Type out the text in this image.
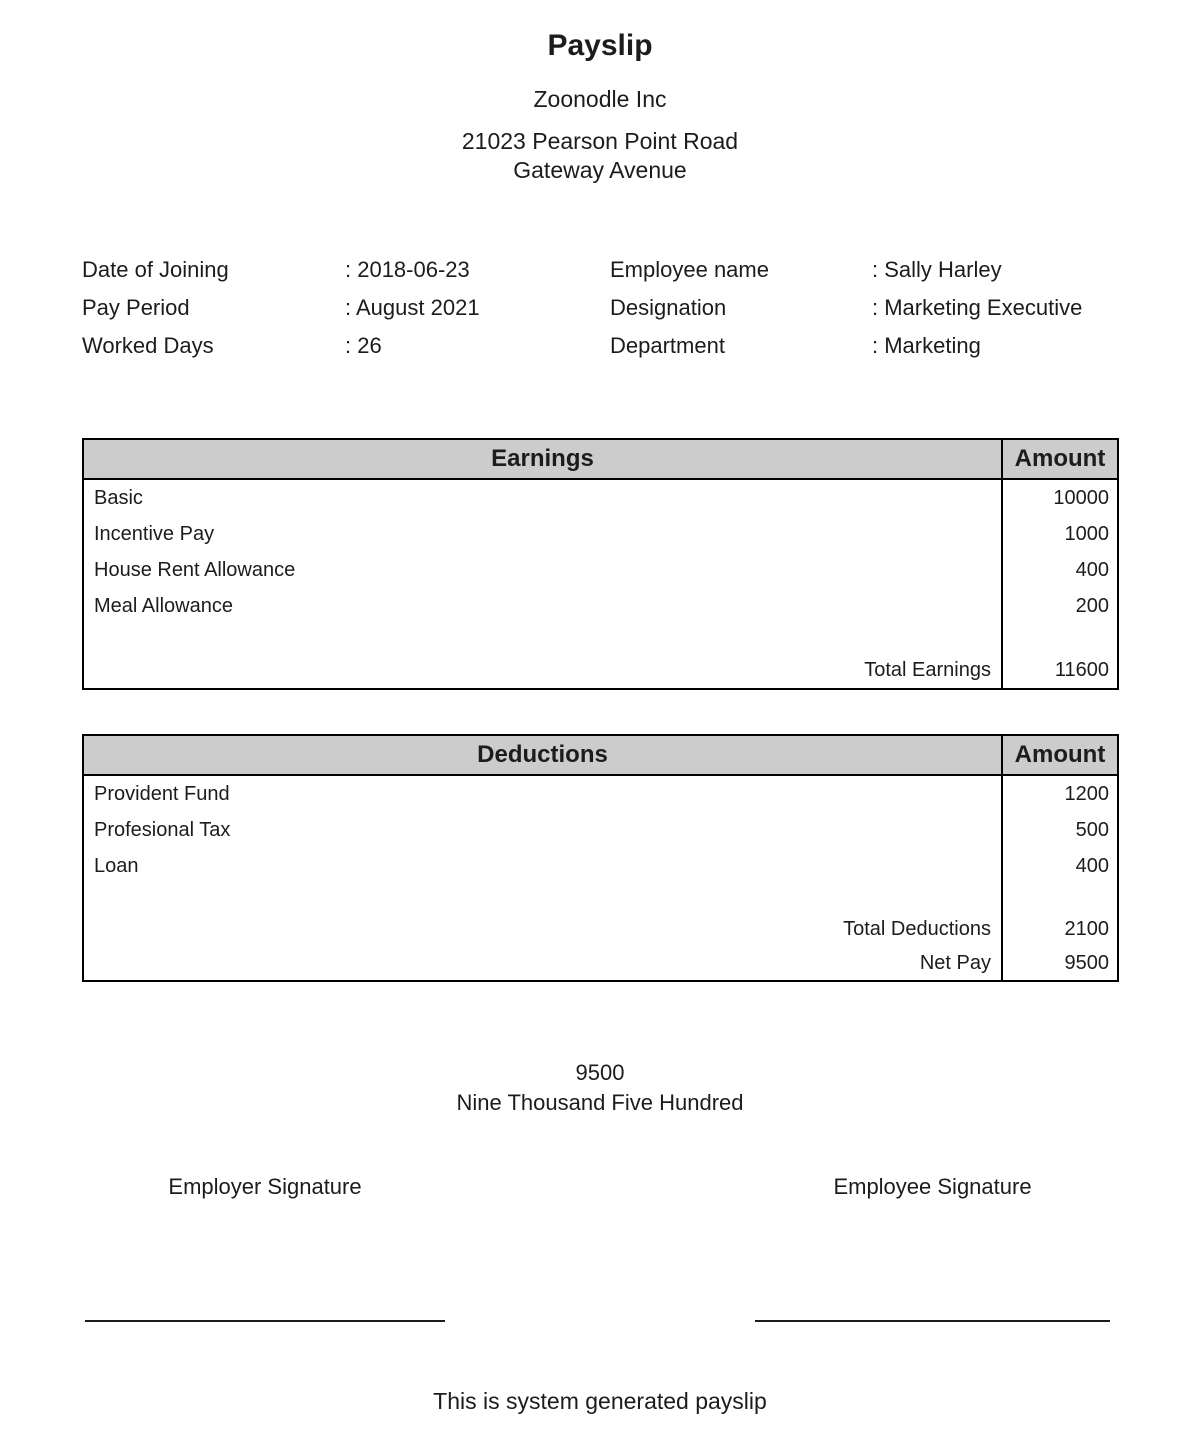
Payslip
Zoonodle Inc
21023 Pearson Point Road
Gateway Avenue
Date of Joining	: 2018-06-23	Employee name	: Sally Harley
Pay Period	: August 2021	Designation	: Marketing Executive
Worked Days	: 26	Department	: Marketing
Earnings	Amount
Basic	10000
Incentive Pay	1000
House Rent Allowance	400
Meal Allowance	200
Total Earnings	11600
Deductions	Amount
Provident Fund	1200
Profesional Tax	500
Loan	400
Total Deductions	2100
Net Pay	9500
9500
Nine Thousand Five Hundred
Employer Signature	Employee Signature
This is system generated payslip
